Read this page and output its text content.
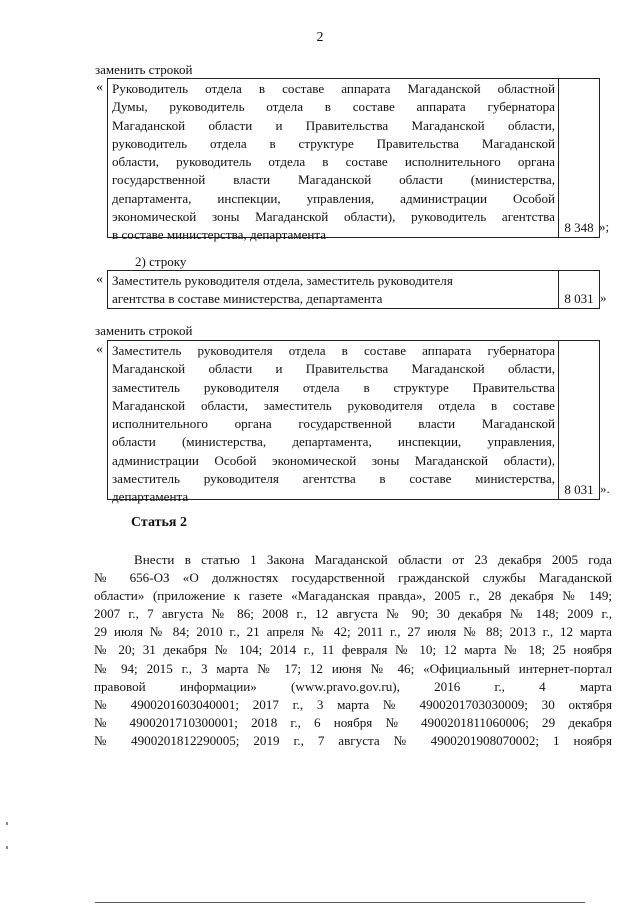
2
заменить строкой
« Руководитель отдела в составе аппарата Магаданской областной
Думы, руководитель отдела в составе аппарата губернатора
Магаданской области и Правительства Магаданской области,
руководитель отдела в структуре Правительства Магаданской
области, руководитель отдела в составе исполнительного органа
государственной власти Магаданской области (министерства,
департамента, инспекции, управления, администрации Особой
экономической зоны Магаданской области), руководитель агентства
в составе министерства, департамента	8 348 »;
2) строку
« Заместитель руководителя отдела, заместитель руководителя
агентства в составе министерства, департамента	8 031 »
заменить строкой
« Заместитель руководителя отдела в составе аппарата губернатора
Магаданской области и Правительства Магаданской области,
заместитель руководителя отдела в структуре Правительства
Магаданской области, заместитель руководителя отдела в составе
исполнительного органа государственной власти Магаданской
области (министерства, департамента, инспекции, управления,
администрации Особой экономической зоны Магаданской области),
заместитель руководителя агентства в составе министерства,
департамента	8 031 ».
Статья 2
Внести в статью 1 Закона Магаданской области от 23 декабря 2005 года
№ 656-ОЗ «О должностях государственной гражданской службы Магаданской
области» (приложение к газете «Магаданская правда», 2005 г., 28 декабря № 149;
2007 г., 7 августа № 86; 2008 г., 12 августа № 90; 30 декабря № 148; 2009 г.,
29 июля № 84; 2010 г., 21 апреля № 42; 2011 г., 27 июля № 88; 2013 г., 12 марта
№ 20; 31 декабря № 104; 2014 г., 11 февраля № 10; 12 марта № 18; 25 ноября
№ 94; 2015 г., 3 марта № 17; 12 июня № 46; «Официальный интернет-портал
правовой информации» (www.pravo.gov.ru), 2016 г., 4 марта
№ 4900201603040001; 2017 г., 3 марта № 4900201703030009; 30 октября
№ 4900201710300001; 2018 г., 6 ноября № 4900201811060006; 29 декабря
№ 4900201812290005; 2019 г., 7 августа № 4900201908070002; 1 ноября
